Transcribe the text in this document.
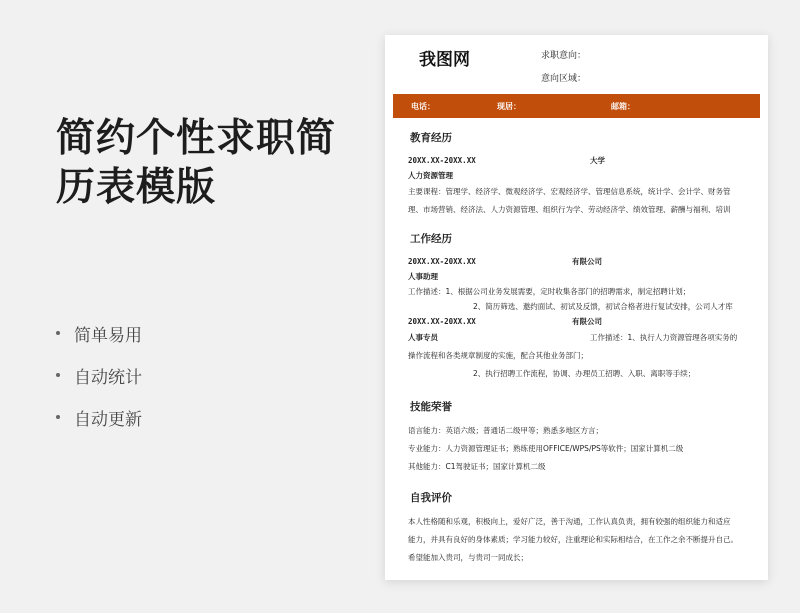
简约个性求职简
历表模版
简单易用
自动统计
自动更新
我图网	求职意向：
意向区域：
电话：	现居：	邮箱：
教育经历
20XX.XX-20XX.XX	大学
人力资源管理
主要课程：管理学、经济学、微观经济学、宏观经济学、管理信息系统，统计学、会计学、财务管
理、市场营销、经济法、人力资源管理、组织行为学、劳动经济学、绩效管理、薪酬与福利、培训
工作经历
20XX.XX-20XX.XX	有限公司
人事助理
工作描述：1、根据公司业务发展需要，定时收集各部门的招聘需求，制定招聘计划；
2、简历筛选、邀约面试、初试及反馈，初试合格者进行复试安排，公司人才库
20XX.XX-20XX.XX	有限公司
人事专员	工作描述：1、执行人力资源管理各项实务的
操作流程和各类规章制度的实施，配合其他业务部门；
2、执行招聘工作流程，协调、办理员工招聘、入职、离职等手续；
技能荣誉
语言能力：英语六级；普通话二级甲等；熟悉多地区方言；
专业能力：人力资源管理证书；熟练使用OFFICE/WPS/PS等软件；国家计算机二级
其他能力：C1驾驶证书；国家计算机二级
自我评价
本人性格随和乐观，积极向上，爱好广泛，善于沟通，工作认真负责，拥有较强的组织能力和适应
能力，并具有良好的身体素质；学习能力较好，注重理论和实际相结合，在工作之余不断提升自己。
希望能加入贵司，与贵司一同成长；
